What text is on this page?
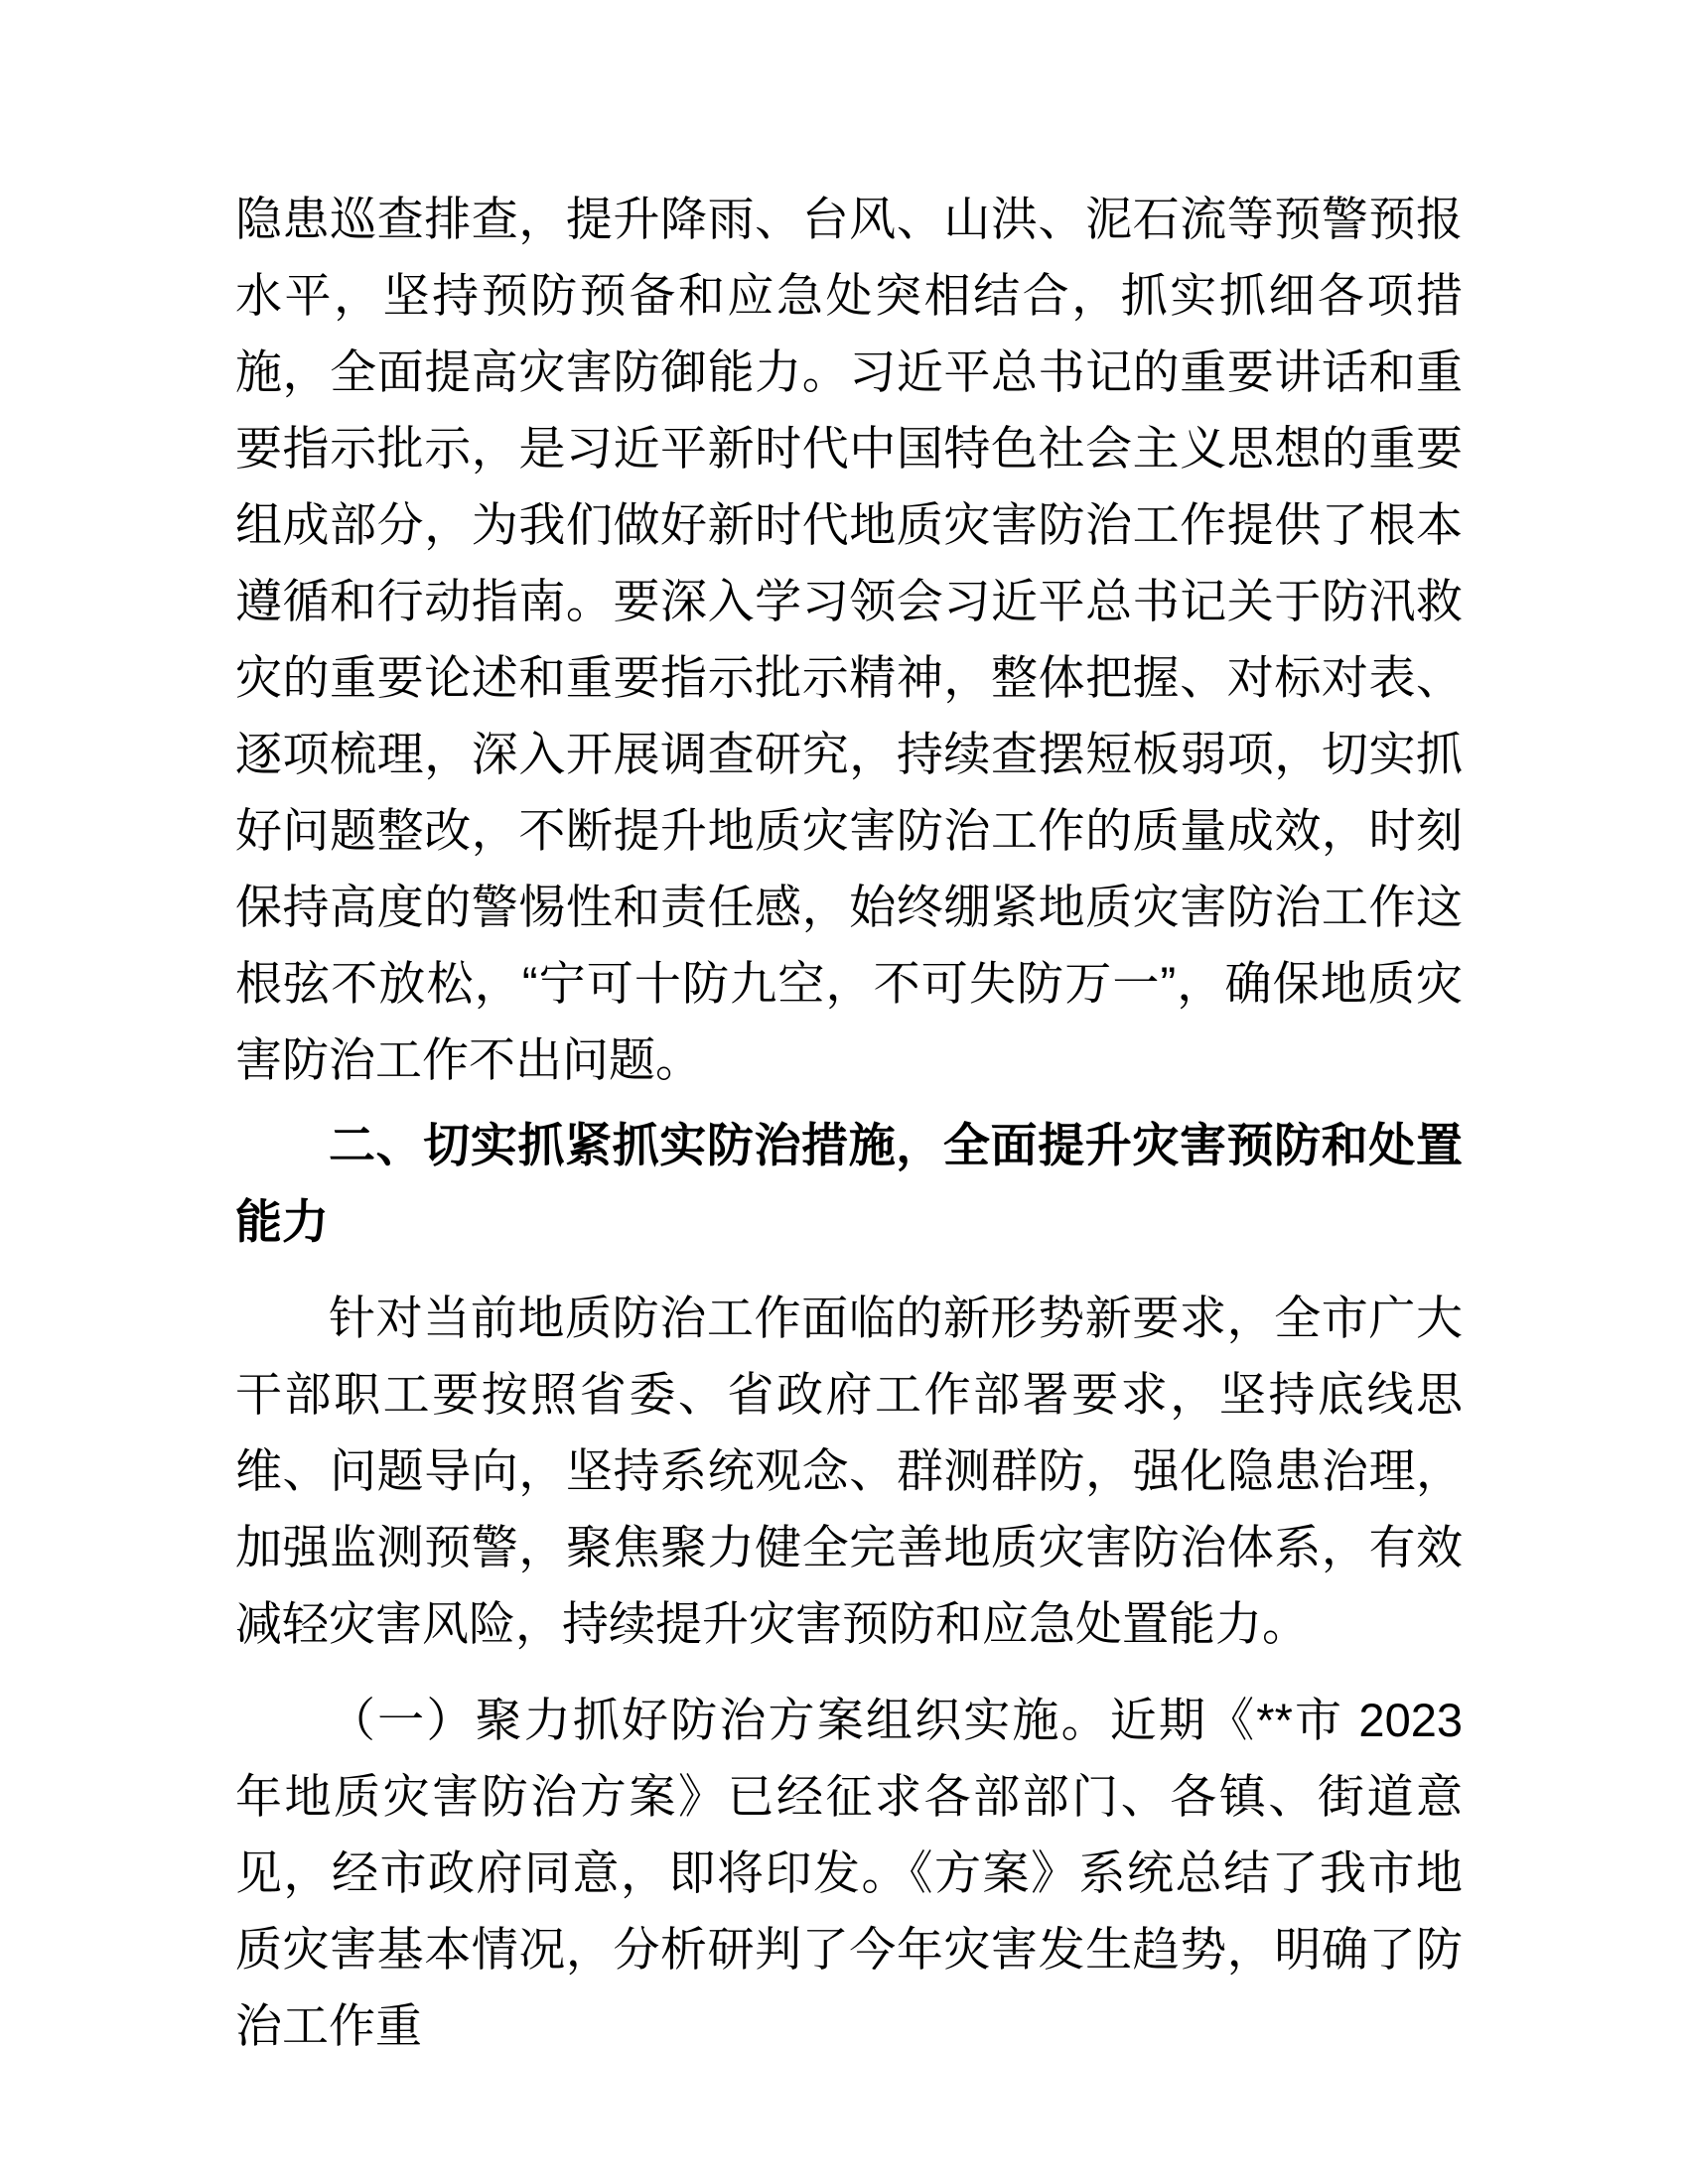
隐患巡查排查，提升降雨、台风、山洪、泥石流等预警预报水平，坚持预防预备和应急处突相结合，抓实抓细各项措施，全面提高灾害防御能力。习近平总书记的重要讲话和重要指示批示，是习近平新时代中国特色社会主义思想的重要组成部分，为我们做好新时代地质灾害防治工作提供了根本遵循和行动指南。要深入学习领会习近平总书记关于防汛救灾的重要论述和重要指示批示精神，整体把握、对标对表、逐项梳理，深入开展调查研究，持续查摆短板弱项，切实抓好问题整改，不断提升地质灾害防治工作的质量成效，时刻保持高度的警惕性和责任感，始终绷紧地质灾害防治工作这根弦不放松，“宁可十防九空，不可失防万一”，确保地质灾害防治工作不出问题。

二、切实抓紧抓实防治措施，全面提升灾害预防和处置能力

针对当前地质防治工作面临的新形势新要求，全市广大干部职工要按照省委、省政府工作部署要求，坚持底线思维、问题导向，坚持系统观念、群测群防，强化隐患治理，加强监测预警，聚焦聚力健全完善地质灾害防治体系，有效减轻灾害风险，持续提升灾害预防和应急处置能力。

（一）聚力抓好防治方案组织实施。近期《**市 2023 年地质灾害防治方案》已经征求各部部门、各镇、街道意见，经市政府同意，即将印发。《方案》系统总结了我市地质灾害基本情况，分析研判了今年灾害发生趋势，明确了防治工作重
